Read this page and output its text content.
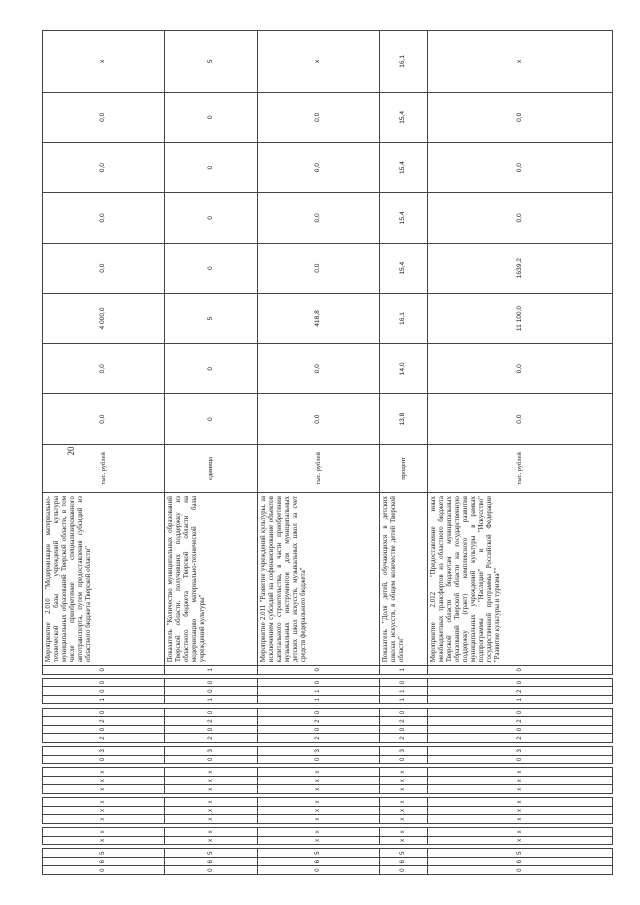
20
0	6	5		х	х		х	х	х		х	х	х		0	3		2	0	2	0		1	0	0		0	Мероприятие 2.010 "Модернизация материально-технической базы учреждений культуры муниципальных образований Тверской области, в том числе приобретение специализированного автотранспорта, путем предоставления субсидий из областного бюджета Тверской области"	тыс. рублей	0,0	0,0	4 000,0	0,0	0,0	0,0	0,0	х
0	6	5		х	х		х	х	х		х	х	х		0	3		2	0	2	0		1	0	0		1	Показатель "Количество муниципальных образований Тверской области, получивших поддержку из областного бюджета Тверской области на модернизацию материально-технической базы учреждений культуры"	единица	0	0	5	0	0	0	0	5
0	6	5		х	х		х	х	х		х	х	х		0	3		2	0	2	0		1	1	0		0	Мероприятие 2.011 "Развитие учреждений культуры, за исключением субсидий на софинансирование объектов капитального строительства, в части приобретения музыкальных инструментов для муниципальных детских школ искусств, музыкальных школ за счет средств федерального бюджета"	тыс. рублей	0,0	0,0	418,8	0,0	0,0	0,0	0,0	х
0	6	5		х	х		х	х	х		х	х	х		0	3		2	0	2	0		1	1	0		1	Показатель "Доля детей, обучающихся в детских школах искусств, в общем количестве детей Тверской области"	процент	13,8	14,0	16,1	15,4	15,4	15,4	15,4	16,1
0	6	5		х	х		х	х	х		х	х	х		0	3		2	0	2	0		1	2	0		0	Мероприятие 2.012 "Предоставление иных межбюджетных трансфертов из областного бюджета Тверской области бюджетам муниципальных образований Тверской области на государственную поддержку (грант) комплексного развития муниципальных учреждений культуры в рамках подпрограммы "Наследие" и "Искусство" государственной программы Российской Федерации "Развитие культуры и туризма""	тыс. рублей	0,0	0,0	11 100,0	1639,2	0,0	0,0	0,0	х
